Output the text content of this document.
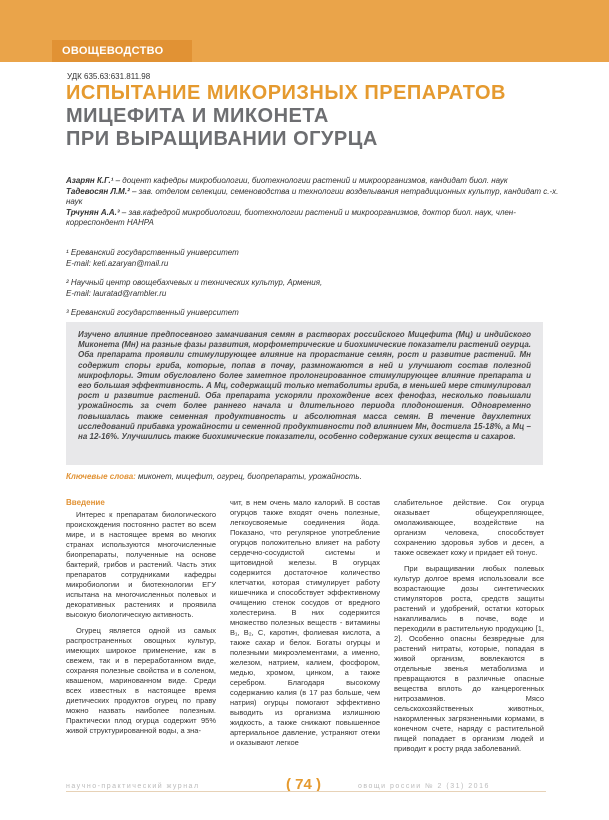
ОВОЩЕВОДСТВО
УДК 635.63:631.811.98
ИСПЫТАНИЕ МИКОРИЗНЫХ ПРЕПАРАТОВ
МИЦЕФИТА И МИКОНЕТА
ПРИ ВЫРАЩИВАНИИ ОГУРЦА
Азарян К.Г.¹ – доцент кафедры микробиологии, биотехнологии растений и микроорганизмов, кандидат биол. наук
Тадевосян Л.М.² – зав. отделом селекции, семеноводства и технологии возделывания нетрадиционных культур, кандидат с.-х. наук
Трчунян А.А.³ – зав.кафедрой микробиологии, биотехнологии растений и микроорганизмов, доктор биол. наук, член-корреспондент НАНРА
¹ Ереванский государственный университет
E-mail: keti.azaryan@mail.ru
² Научный центр овощебахчевых и технических культур, Армения,
E-mail: lauratad@rambler.ru
³ Ереванский государственный университет
Изучено влияние предпосевного замачивания семян в растворах российского Мицефита (Мц) и индийского Миконета (Мн) на разные фазы развития, морфометрические и биохимические показатели растений огурца. Оба препарата проявили стимулирующее влияние на прорастание семян, рост и развитие растений. Мн содержит споры гриба, которые, попав в почву, размножаются в ней и улучшают состав полезной микрофлоры. Этим обусловлено более заметное пролонгированное стимулирующее влияние препарата и его большая эффективность. А Мц, содержащий только метаболиты гриба, в меньшей мере стимулировал рост и развитие растений. Оба препарата ускоряли прохождение всех фенофаз, несколько повышали урожайность за счет более раннего начала и длительного периода плодоношения. Одновременно повышалась также семенная продуктивность и абсолютная масса семян. В течение двухлетних исследований прибавка урожайности и семенной продуктивности под влиянием Мн, достигла 15-18%, а Мц – на 12-16%. Улучшились также биохимические показатели, особенно содержание сухих веществ и сахаров.
Ключевые слова: миконет, мицефит, огурец, биопрепараты, урожайность.
Введение

Интерес к препаратам биологического происхождения постоянно растет во всем мире, и в настоящее время во многих странах используются многочисленные биопрепараты, полученные на основе бактерий, грибов и растений. Часть этих препаратов сотрудниками кафедры микробиологии и биотехнологии ЕГУ испытана на многочисленных полевых и декоративных растениях и проявила высокую биологическую активность.

Огурец является одной из самых распространенных овощных культур, имеющих широкое применение, как в свежем, так и в переработанном виде, сохраняя полезные свойства и в соленом, квашеном, маринованном виде. Среди всех известных в настоящее время диетических продуктов огурец по праву можно назвать наиболее полезным. Практически плод огурца содержит 95% живой структурированной воды, а зна-

чит, в нем очень мало калорий. В состав огурцов также входят очень полезные, легкоусвояемые соединения йода. Показано, что регулярное употребление огурцов положительно влияет на работу сердечно-сосудистой системы и щитовидной железы. В огурцах содержится достаточное количество клетчатки, которая стимулирует работу кишечника и способствует эффективному очищению стенок сосудов от вредного холестерина. В них содержится множество полезных веществ - витамины B₁, B₂, С, каротин, фолиевая кислота, а также сахар и белок. Богаты огурцы и полезными микроэлементами, а именно, железом, натрием, калием, фосфором, медью, хромом, цинком, а также серебром. Благодаря высокому содержанию калия (в 17 раз больше, чем натрия) огурцы помогают эффективно выводить из организма излишнюю жидкость, а также снижают повышенное артериальное давление, устраняют отеки и оказывают легкое

слабительное действие. Сок огурца оказывает общеукрепляющее, омолаживающее, воздействие на организм человека, способствует сохранению здоровья зубов и десен, а также освежает кожу и придает ей тонус.

При выращивании любых полевых культур долгое время использовали все возрастающие дозы синтетических стимуляторов роста, средств защиты растений и удобрений, остатки которых накапливались в почве, воде и переходили в растительную продукцию [1, 2]. Особенно опасны безвредные для растений нитраты, которые, попадая в живой организм, вовлекаются в отдельные звенья метаболизма и превращаются в различные опасные вещества вплоть до канцерогенных нитрозаминов. Мясо сельскохозяйственных животных, накормленных загрязненными кормами, в конечном счете, наряду с растительной пищей попадает в организм людей и приводит к росту ряда заболеваний.

научно-практический журнал	( 74 )	овощи россии № 2 (31) 2016
